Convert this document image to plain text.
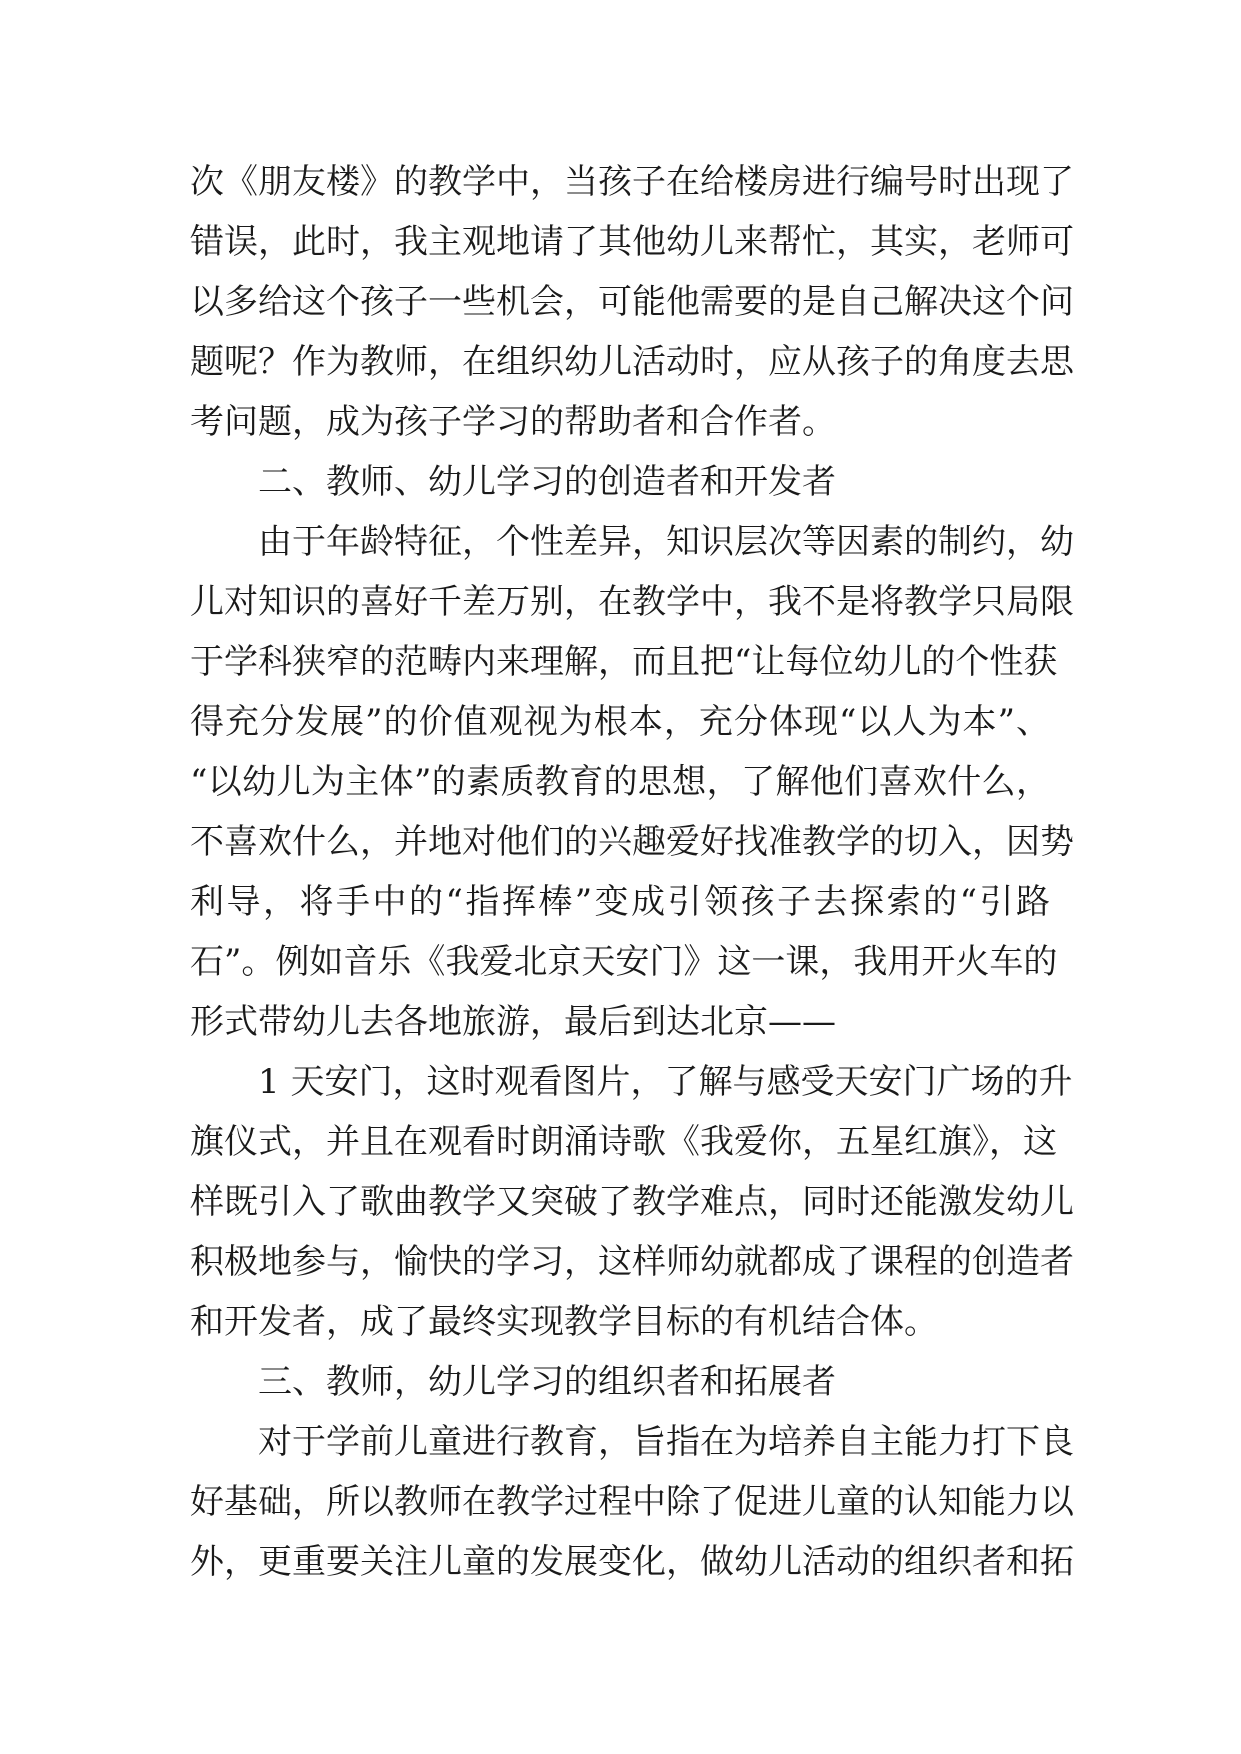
次《朋友楼》的教学中，当孩子在给楼房进行编号时出现了
错误，此时，我主观地请了其他幼儿来帮忙，其实，老师可
以多给这个孩子一些机会，可能他需要的是自己解决这个问
题呢？作为教师，在组织幼儿活动时，应从孩子的角度去思
考问题，成为孩子学习的帮助者和合作者。
二、教师、幼儿学习的创造者和开发者
由于年龄特征，个性差异，知识层次等因素的制约，幼
儿对知识的喜好千差万别，在教学中，我不是将教学只局限
于学科狭窄的范畴内来理解，而且把“让每位幼儿的个性获
得充分发展”的价值观视为根本，充分体现“以人为本”、
“以幼儿为主体”的素质教育的思想，了解他们喜欢什么，
不喜欢什么，并地对他们的兴趣爱好找准教学的切入，因势
利导，将手中的“指挥棒”变成引领孩子去探索的“引路
石”。例如音乐《我爱北京天安门》这一课，我用开火车的
形式带幼儿去各地旅游，最后到达北京——
1 天安门，这时观看图片，了解与感受天安门广场的升
旗仪式，并且在观看时朗涌诗歌《我爱你，五星红旗》，这
样既引入了歌曲教学又突破了教学难点，同时还能激发幼儿
积极地参与，愉快的学习，这样师幼就都成了课程的创造者
和开发者，成了最终实现教学目标的有机结合体。
三、教师，幼儿学习的组织者和拓展者
对于学前儿童进行教育，旨指在为培养自主能力打下良
好基础，所以教师在教学过程中除了促进儿童的认知能力以
外，更重要关注儿童的发展变化，做幼儿活动的组织者和拓
